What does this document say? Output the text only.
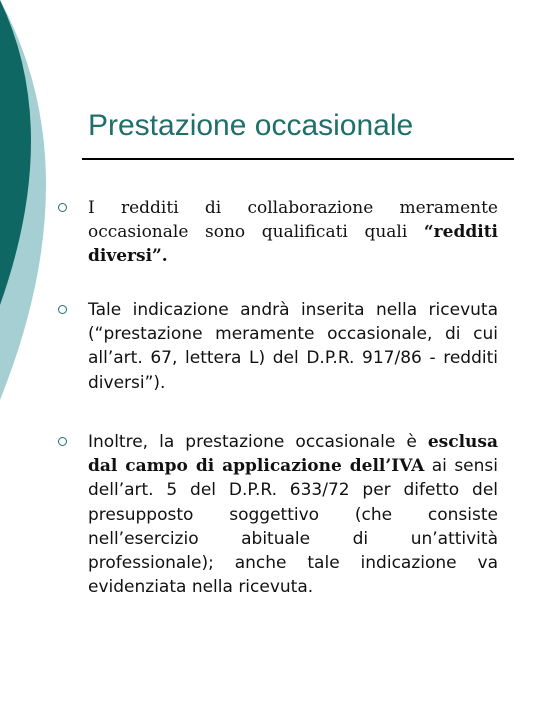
Prestazione occasionale
I redditi di collaborazione meramente occasionale sono qualificati quali “redditi diversi”.
Tale indicazione andrà inserita nella ricevuta (“prestazione meramente occasionale, di cui all’art. 67, lettera L) del D.P.R. 917/86 - redditi diversi”).
Inoltre, la prestazione occasionale è esclusa dal campo di applicazione dell’IVA ai sensi dell’art. 5 del D.P.R. 633/72 per difetto del presupposto soggettivo (che consiste nell’esercizio abituale di un’attività professionale); anche tale indicazione va evidenziata nella ricevuta.
